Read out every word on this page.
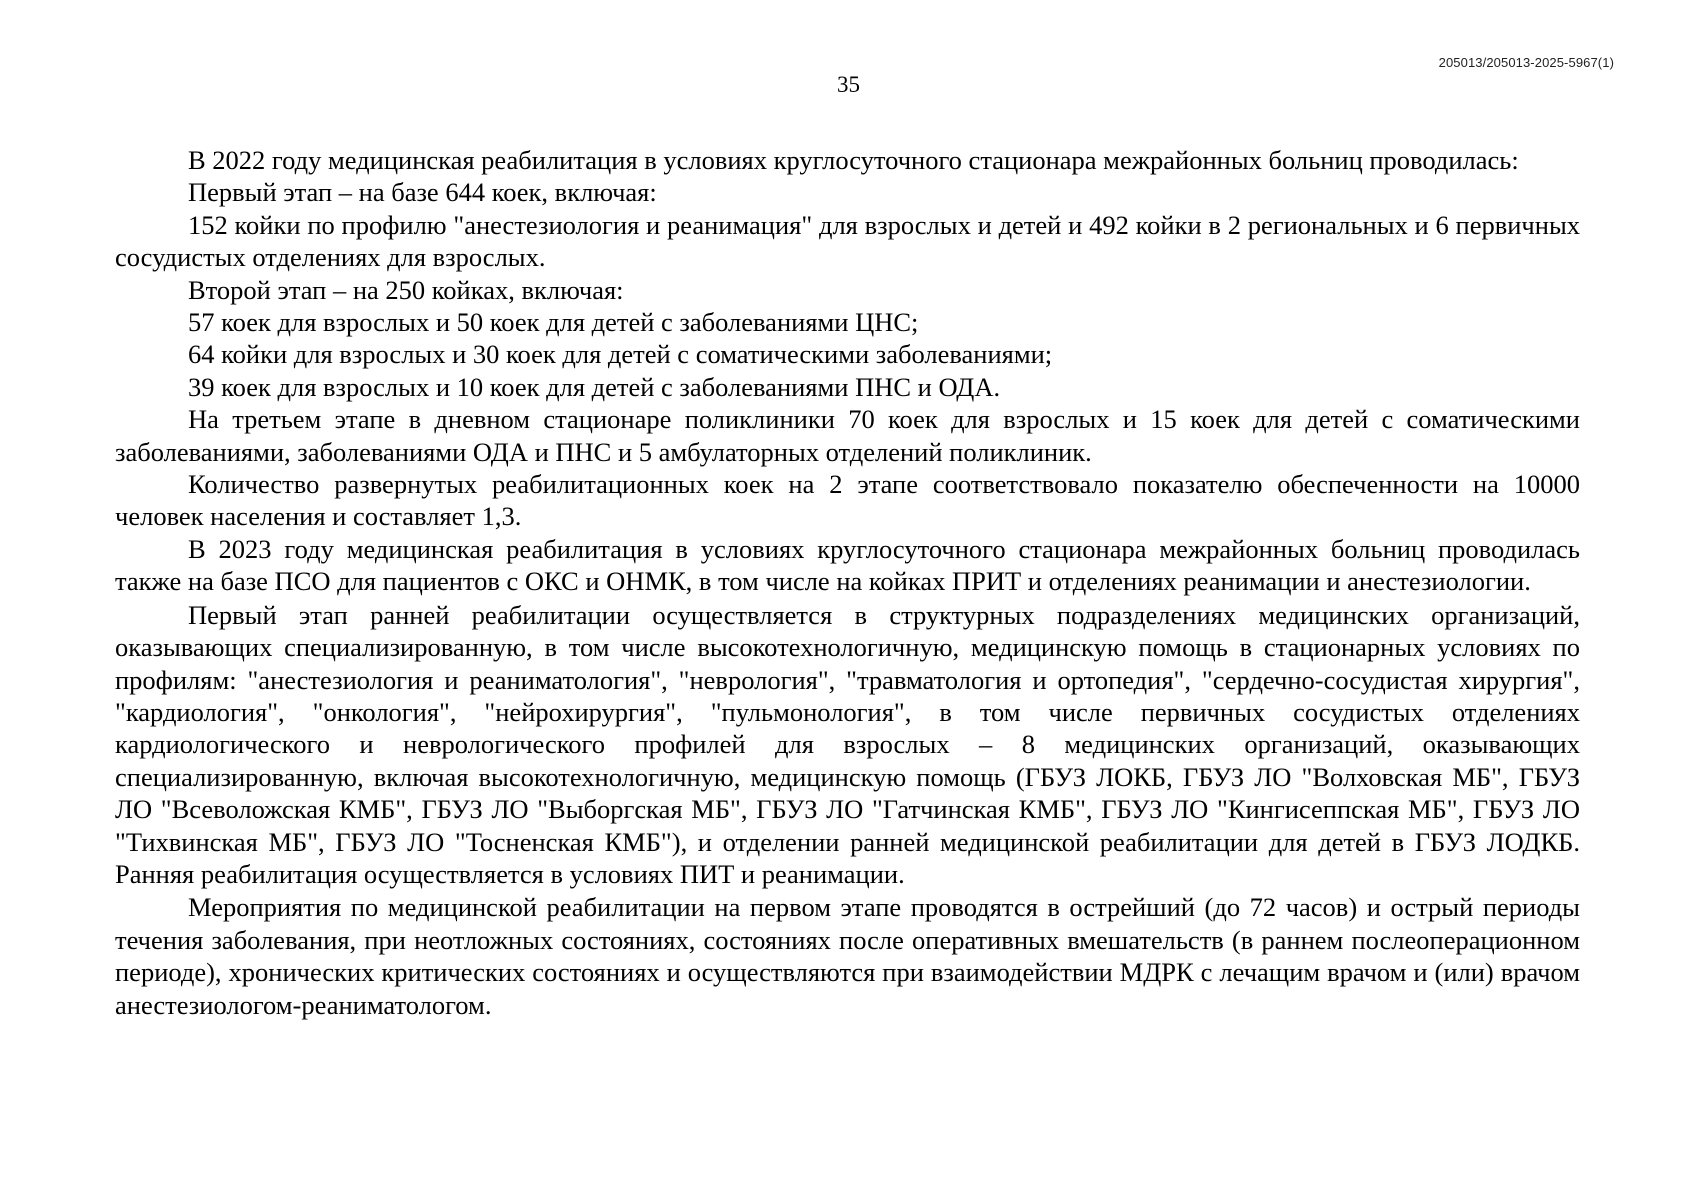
205013/205013-2025-5967(1)
35

В 2022 году медицинская реабилитация в условиях круглосуточного стационара межрайонных больниц проводилась:

Первый этап – на базе 644 коек, включая:

152 койки по профилю "анестезиология и реанимация" для взрослых и детей и 492 койки в 2 региональных и 6 первичных сосудистых отделениях для взрослых.

Второй этап – на 250 койках, включая:

57 коек для взрослых и 50 коек для детей с заболеваниями ЦНС;

64 койки для взрослых и 30 коек для детей с соматическими заболеваниями;

39 коек для взрослых и 10 коек для детей с заболеваниями ПНС и ОДА.

На третьем этапе в дневном стационаре поликлиники 70 коек для взрослых и 15 коек для детей с соматическими заболеваниями, заболеваниями ОДА и ПНС и 5 амбулаторных отделений поликлиник.

Количество развернутых реабилитационных коек на 2 этапе соответствовало показателю обеспеченности на 10000 человек населения и составляет 1,3.

В 2023 году медицинская реабилитация в условиях круглосуточного стационара межрайонных больниц проводилась также на базе ПСО для пациентов с ОКС и ОНМК, в том числе на койках ПРИТ и отделениях реанимации и анестезиологии.

Первый этап ранней реабилитации осуществляется в структурных подразделениях медицинских организаций, оказывающих специализированную, в том числе высокотехнологичную, медицинскую помощь в стационарных условиях по профилям: "анестезиология и реаниматология", "неврология", "травматология и ортопедия", "сердечно-сосудистая хирургия", "кардиология", "онкология", "нейрохирургия", "пульмонология", в том числе первичных сосудистых отделениях кардиологического и неврологического профилей для взрослых – 8 медицинских организаций, оказывающих специализированную, включая высокотехнологичную, медицинскую помощь (ГБУЗ ЛОКБ, ГБУЗ ЛО "Волховская МБ", ГБУЗ ЛО "Всеволожская КМБ", ГБУЗ ЛО "Выборгская МБ", ГБУЗ ЛО "Гатчинская КМБ", ГБУЗ ЛО "Кингисеппская МБ", ГБУЗ ЛО "Тихвинская МБ", ГБУЗ ЛО "Тосненская КМБ"), и отделении ранней медицинской реабилитации для детей в ГБУЗ ЛОДКБ. Ранняя реабилитация осуществляется в условиях ПИТ и реанимации.

Мероприятия по медицинской реабилитации на первом этапе проводятся в острейший (до 72 часов) и острый периоды течения заболевания, при неотложных состояниях, состояниях после оперативных вмешательств (в раннем послеоперационном периоде), хронических критических состояниях и осуществляются при взаимодействии МДРК с лечащим врачом и (или) врачом анестезиологом-реаниматологом.
